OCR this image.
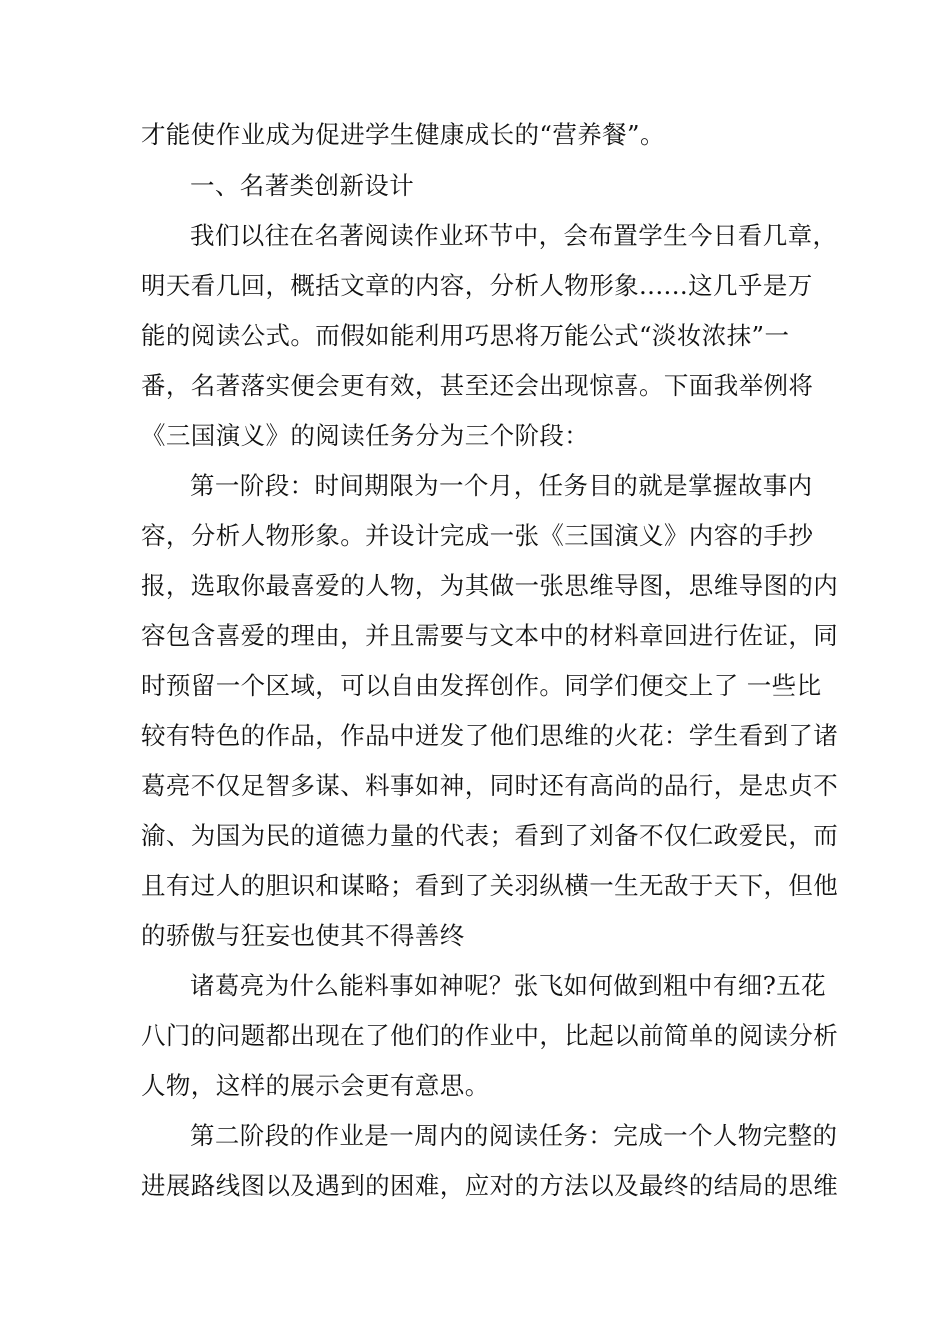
才能使作业成为促进学生健康成长的“营养餐”。
一、名著类创新设计
我们以往在名著阅读作业环节中，会布置学生今日看几章，
明天看几回，概括文章的内容，分析人物形象......这几乎是万
能的阅读公式。而假如能利用巧思将万能公式“淡妆浓抹”一
番，名著落实便会更有效，甚至还会出现惊喜。下面我举例将
《三国演义》的阅读任务分为三个阶段：
第一阶段：时间期限为一个月，任务目的就是掌握故事内
容，分析人物形象。并设计完成一张《三国演义》内容的手抄
报，选取你最喜爱的人物，为其做一张思维导图，思维导图的内
容包含喜爱的理由，并且需要与文本中的材料章回进行佐证，同
时预留一个区域，可以自由发挥创作。同学们便交上了 一些比
较有特色的作品，作品中迸发了他们思维的火花：学生看到了诸
葛亮不仅足智多谋、料事如神，同时还有高尚的品行，是忠贞不
渝、为国为民的道德力量的代表；看到了刘备不仅仁政爱民，而
且有过人的胆识和谋略；看到了关羽纵横一生无敌于天下，但他
的骄傲与狂妄也使其不得善终
诸葛亮为什么能料事如神呢？张飞如何做到粗中有细?五花
八门的问题都出现在了他们的作业中，比起以前简单的阅读分析
人物，这样的展示会更有意思。
第二阶段的作业是一周内的阅读任务：完成一个人物完整的
进展路线图以及遇到的困难，应对的方法以及最终的结局的思维
